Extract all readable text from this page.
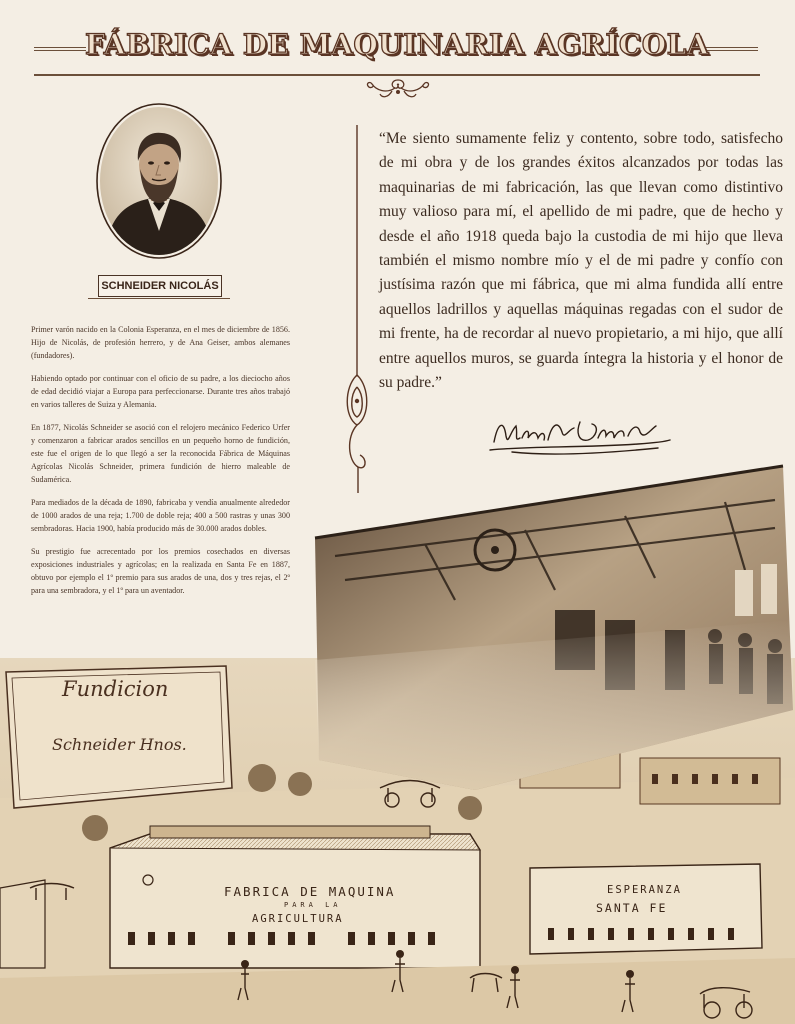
FÁBRICA DE MAQUINARIA AGRÍCOLA
SCHNEIDER NICOLÁS

Primer varón nacido en la Colonia Esperanza, en el mes de diciembre de 1856. Hijo de Nicolás, de profesión herrero, y de Ana Geiser, ambos alemanes (fundadores).

Habiendo optado por continuar con el oficio de su padre, a los dieciocho años de edad decidió viajar a Europa para perfeccionarse. Durante tres años trabajó en varios talleres de Suiza y Alemania.

En 1877, Nicolás Schneider se asoció con el relojero mecánico Federico Urfer y comenzaron a fabricar arados sencillos en un pequeño horno de fundición, este fue el origen de lo que llegó a ser la reconocida Fábrica de Máquinas Agrícolas Nicolás Schneider, primera fundición de hierro maleable de Sudamérica.

Para mediados de la década de 1890, fabricaba y vendía anualmente alrededor de 1000 arados de una reja; 1.700 de doble reja; 400 a 500 rastras y unas 300 sembradoras. Hacia 1900, había producido más de 30.000 arados dobles.

Su prestigio fue acrecentado por los premios cosechados en diversas exposiciones industriales y agrícolas; en la realizada en Santa Fe en 1887, obtuvo por ejemplo el 1º premio para sus arados de una, dos y tres rejas, el 2º para una sembradora, y el 1º para un aventador.

“Me siento sumamente feliz y contento, sobre todo, satisfecho de mi obra y de los grandes éxitos alcanzados por todas las maquinarias de mi fabricación, las que llevan como distintivo muy valioso para mí, el apellido de mi padre, que de hecho y desde el año 1918 queda bajo la custodia de mi hijo que lleva también el mismo nombre mío y el de mi padre y confío con justísima razón que mi fábrica, que mi alma fundida allí entre aquellos ladrillos y aquellas máquinas regadas con el sudor de mi frente, ha de recordar al nuevo propietario, a mi hijo, que allí entre aquellos muros, se guarda íntegra la historia y el honor de su padre.”

Fundicion
Schneider Hnos.
FABRICA DE MAQUINA
PARA LA
AGRICULTURA
ESPERANZA
SANTA FE
